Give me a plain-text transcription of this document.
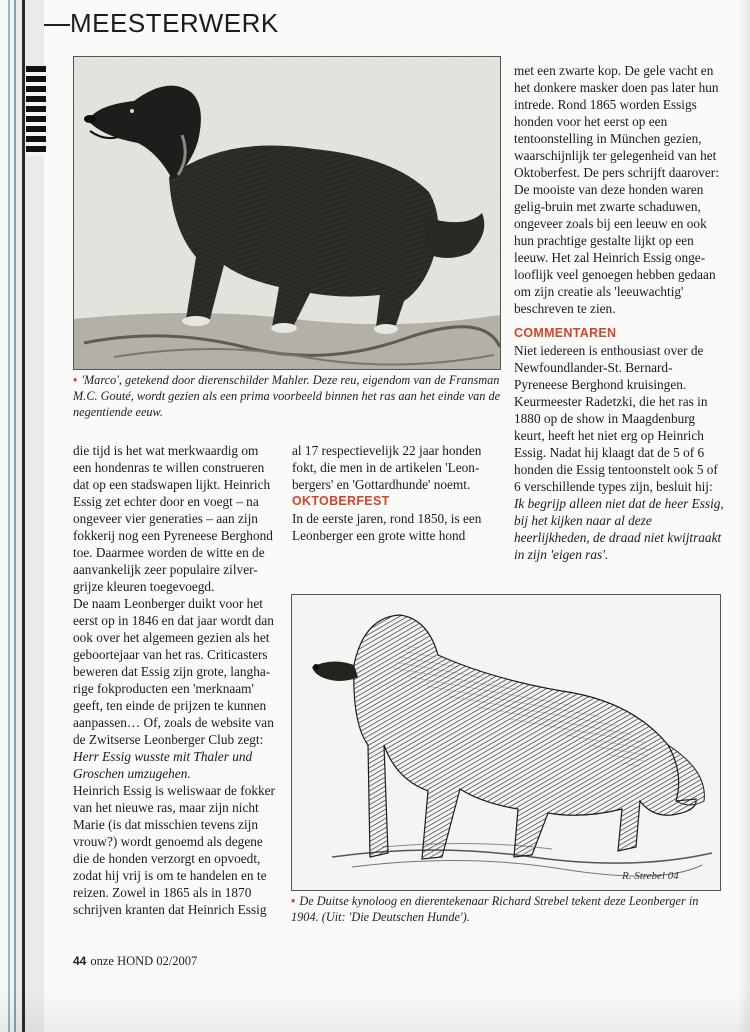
MEESTERWERK
• 'Marco', getekend door dierenschilder Mahler. Deze reu, eigendom van de Fransman M.C. Gouté, wordt gezien als een prima voorbeeld binnen het ras aan het einde van de negentiende eeuw.

die tijd is het wat merkwaardig om een hondenras te willen construeren dat op een stadswapen lijkt. Heinrich Essig zet echter door en voegt – na ongeveer vier generaties – aan zijn fokkerij nog een Pyreneese Berghond toe. Daarmee worden de witte en de aanvankelijk zeer populaire zilver-grijze kleuren toegevoegd.

De naam Leonberger duikt voor het eerst op in 1846 en dat jaar wordt dan ook over het algemeen gezien als het geboortejaar van het ras. Criticasters beweren dat Essig zijn grote, langha-rige fokproducten een 'merknaam' geeft, ten einde de prijzen te kunnen aanpassen… Of, zoals de website van de Zwitserse Leonberger Club zegt: Herr Essig wusste mit Thaler und Groschen umzugehen.

Heinrich Essig is weliswaar de fokker van het nieuwe ras, maar zijn nicht Marie (is dat misschien tevens zijn vrouw?) wordt genoemd als degene die de honden verzorgt en opvoedt, zodat hij vrij is om te handelen en te reizen. Zowel in 1865 als in 1870 schrijven kranten dat Heinrich Essig

al 17 respectievelijk 22 jaar honden fokt, die men in de artikelen 'Leon-bergers' en 'Gottardhunde' noemt.

OKTOBERFEST

In de eerste jaren, rond 1850, is een Leonberger een grote witte hond

met een zwarte kop. De gele vacht en het donkere masker doen pas later hun intrede. Rond 1865 worden Essigs honden voor het eerst op een tentoonstelling in München gezien, waarschijnlijk ter gelegenheid van het Oktoberfest. De pers schrijft daarover: De mooiste van deze honden waren gelig-bruin met zwarte schaduwen, ongeveer zoals bij een leeuw en ook hun prachtige gestalte lijkt op een leeuw. Het zal Heinrich Essig onge-looflijk veel genoegen hebben gedaan om zijn creatie als 'leeuwachtig' beschreven te zien.

COMMENTAREN

Niet iedereen is enthousiast over de Newfoundlander-St. Bernard-Pyreneese Berghond kruisingen. Keurmeester Radetzki, die het ras in 1880 op de show in Maagdenburg keurt, heeft het niet erg op Heinrich Essig. Nadat hij klaagt dat de 5 of 6 honden die Essig tentoonstelt ook 5 of 6 verschillende types zijn, besluit hij: Ik begrijp alleen niet dat de heer Essig, bij het kijken naar al deze heerlijkheden, de draad niet kwijtraakt in zijn 'eigen ras'.

R. Strebel 04
• De Duitse kynoloog en dierentekenaar Richard Strebel tekent deze Leonberger in 1904. (Uit: 'Die Deutschen Hunde').
44 onze HOND 02/2007
